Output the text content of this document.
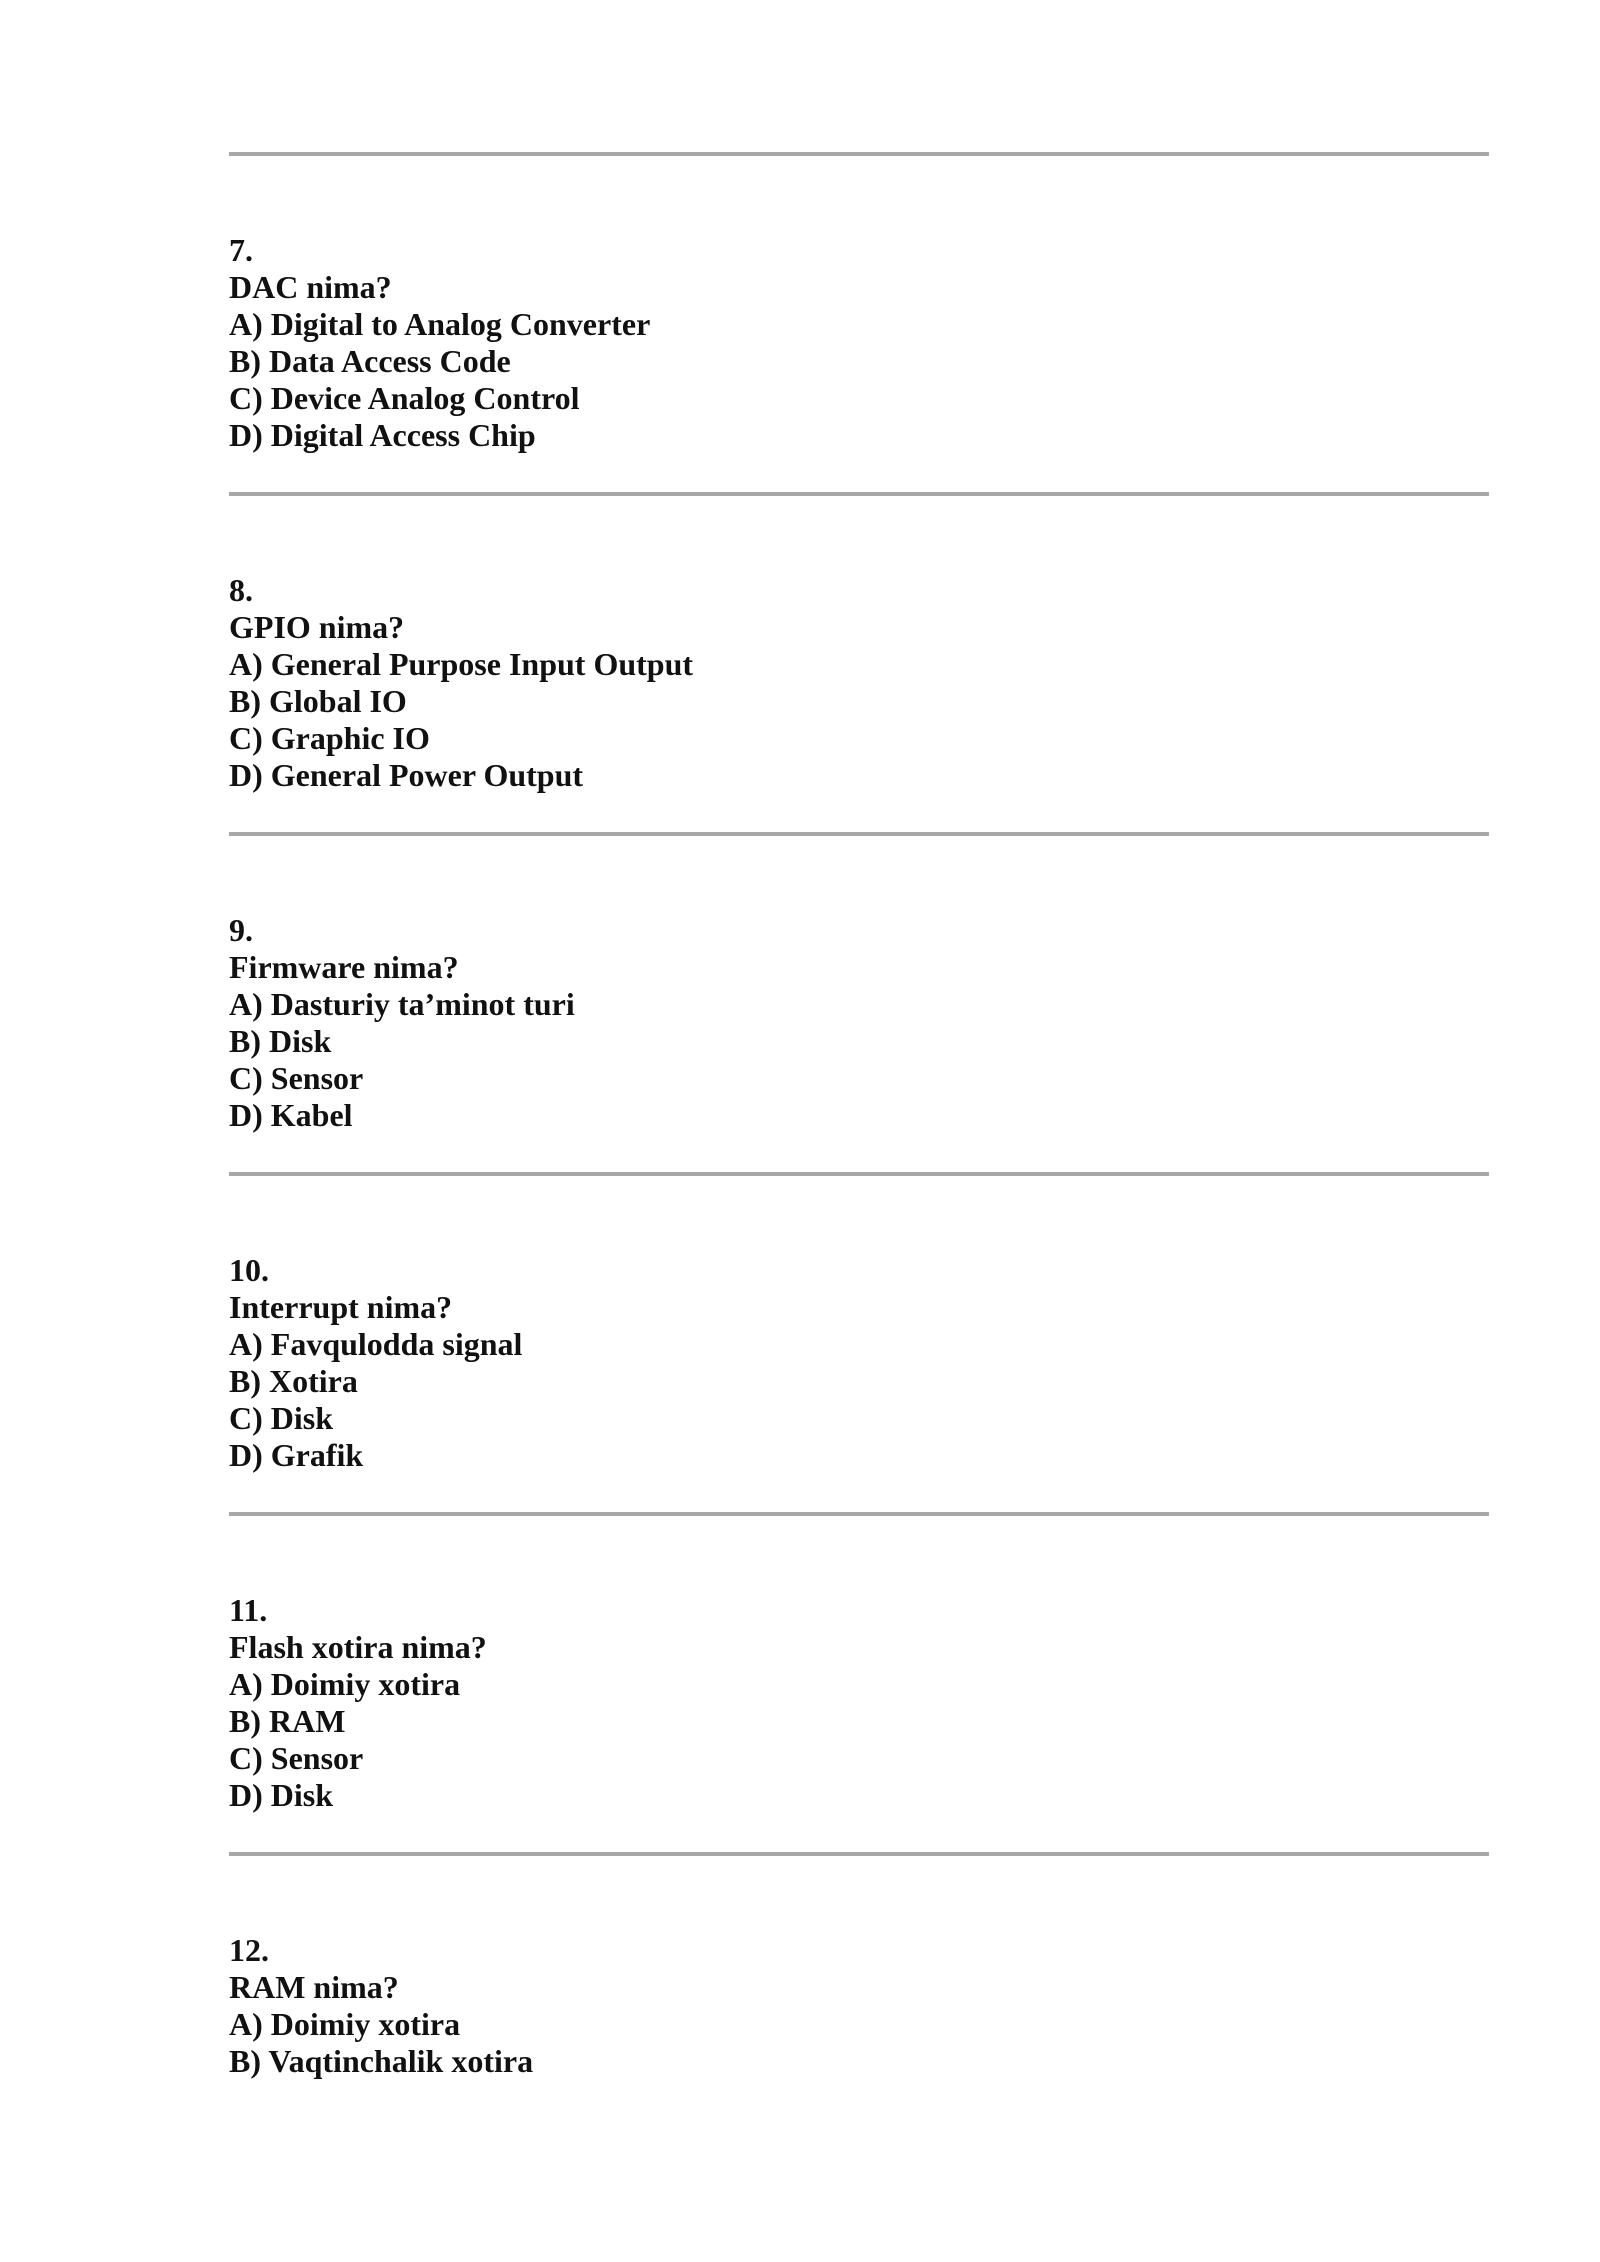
7.
DAC nima?
A) Digital to Analog Converter
B) Data Access Code
C) Device Analog Control
D) Digital Access Chip
8.
GPIO nima?
A) General Purpose Input Output
B) Global IO
C) Graphic IO
D) General Power Output
9.
Firmware nima?
A) Dasturiy ta’minot turi
B) Disk
C) Sensor
D) Kabel
10.
Interrupt nima?
A) Favqulodda signal
B) Xotira
C) Disk
D) Grafik
11.
Flash xotira nima?
A) Doimiy xotira
B) RAM
C) Sensor
D) Disk
12.
RAM nima?
A) Doimiy xotira
B) Vaqtinchalik xotira
